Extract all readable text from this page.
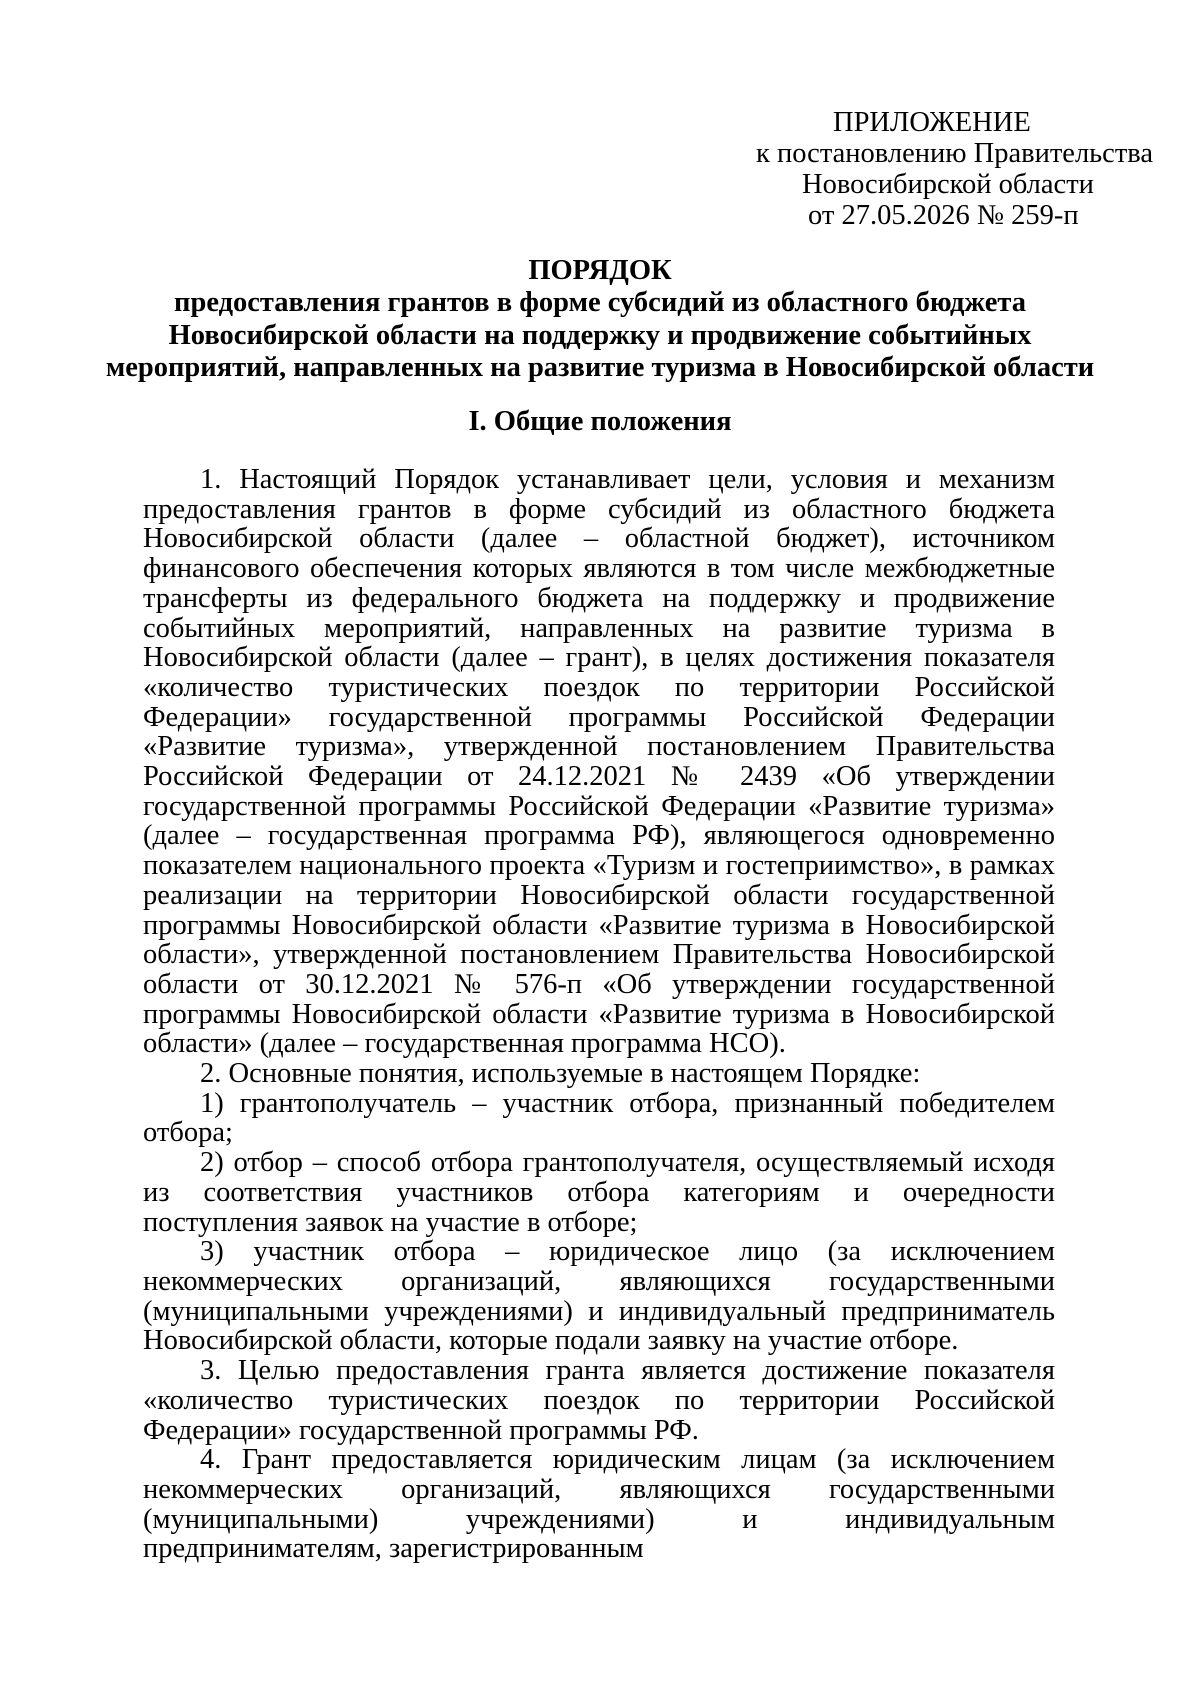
ПРИЛОЖЕНИЕ
к постановлению Правительства
Новосибирской области
от 27.05.2026 № 259-п
ПОРЯДОК
предоставления грантов в форме субсидий из областного бюджета
Новосибирской области на поддержку и продвижение событийных
мероприятий, направленных на развитие туризма в Новосибирской области
I. Общие положения

1. Настоящий Порядок устанавливает цели, условия и механизм предоставления грантов в форме субсидий из областного бюджета Новосибирской области (далее – областной бюджет), источником финансового обеспечения которых являются в том числе межбюджетные трансферты из федерального бюджета на поддержку и продвижение событийных мероприятий, направленных на развитие туризма в Новосибирской области (далее – грант), в целях достижения показателя «количество туристических поездок по территории Российской Федерации» государственной программы Российской Федерации «Развитие туризма», утвержденной постановлением Правительства Российской Федерации от 24.12.2021 № 2439 «Об утверждении государственной программы Российской Федерации «Развитие туризма» (далее – государственная программа РФ), являющегося одновременно показателем национального проекта «Туризм и гостеприимство», в рамках реализации на территории Новосибирской области государственной программы Новосибирской области «Развитие туризма в Новосибирской области», утвержденной постановлением Правительства Новосибирской области от 30.12.2021 № 576-п «Об утверждении государственной программы Новосибирской области «Развитие туризма в Новосибирской области» (далее – государственная программа НСО).

2. Основные понятия, используемые в настоящем Порядке:

1) грантополучатель – участник отбора, признанный победителем отбора;

2) отбор – способ отбора грантополучателя, осуществляемый исходя из соответствия участников отбора категориям и очередности поступления заявок на участие в отборе;

3) участник отбора – юридическое лицо (за исключением некоммерческих организаций, являющихся государственными (муниципальными учреждениями) и индивидуальный предприниматель Новосибирской области, которые подали заявку на участие отборе.

3. Целью предоставления гранта является достижение показателя «количество туристических поездок по территории Российской Федерации» государственной программы РФ.

4. Грант предоставляется юридическим лицам (за исключением некоммерческих организаций, являющихся государственными (муниципальными) учреждениями) и индивидуальным предпринимателям, зарегистрированным
